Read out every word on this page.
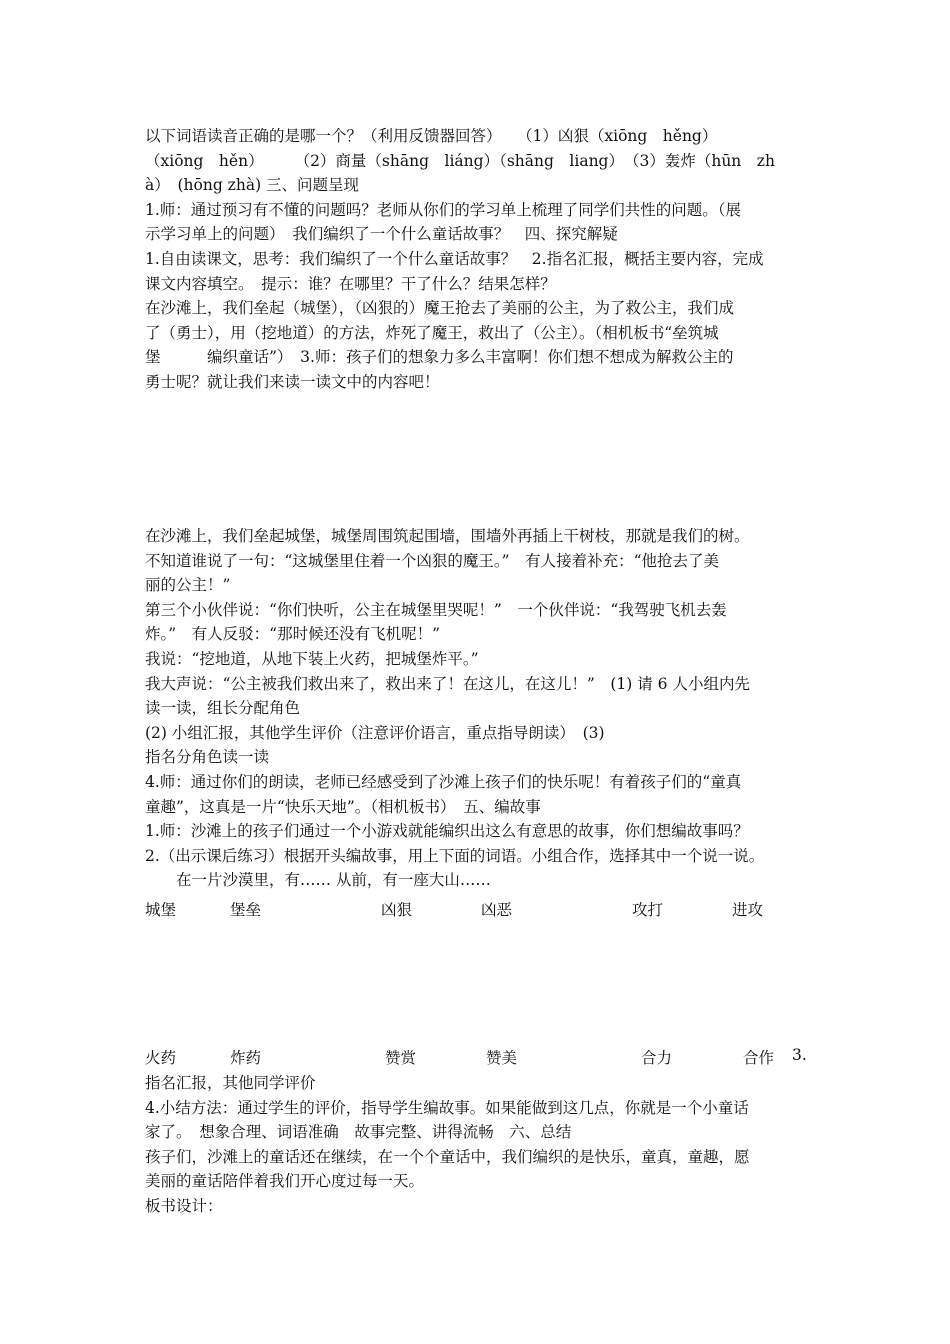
以下词语读音正确的是哪一个？（利用反馈器回答）　　（1）凶狠（xiōng　hěng）
（xiōng　hěn）　　　（2）商量（shāng　liáng）（shāng　liang）　（3）轰炸（hūn　zh
à）　(hōng zhà) 三、问题呈现
1.师：通过预习有不懂的问题吗？老师从你们的学习单上梳理了同学们共性的问题。（展
示学习单上的问题）　我们编织了一个什么童话故事？　四、探究解疑
1.自由读课文，思考：我们编织了一个什么童话故事？　2.指名汇报，概括主要内容，完成
课文内容填空。　提示：谁？在哪里？干了什么？结果怎样？
在沙滩上，我们垒起（城堡），（凶狠的）魔王抢去了美丽的公主，为了救公主，我们成
了（勇士），用（挖地道）的方法，炸死了魔王，救出了（公主）。（相机板书“垒筑城
堡　　　编织童话”）　3.师：孩子们的想象力多么丰富啊！你们想不想成为解救公主的
勇士呢？就让我们来读一读文中的内容吧！
在沙滩上，我们垒起城堡，城堡周围筑起围墙，围墙外再插上干树枝，那就是我们的树。
不知道谁说了一句：“这城堡里住着一个凶狠的魔王。”　有人接着补充：“他抢去了美
丽的公主！”
第三个小伙伴说：“你们快听，公主在城堡里哭呢！”　一个伙伴说：“我驾驶飞机去轰
炸。”　有人反驳：“那时候还没有飞机呢！”
我说：“挖地道，从地下装上火药，把城堡炸平。”
我大声说：“公主被我们救出来了，救出来了！在这儿，在这儿！”　(1) 请 6 人小组内先
读一读，组长分配角色
(2) 小组汇报，其他学生评价（注意评价语言，重点指导朗读）　(3)
指名分角色读一读
4.师：通过你们的朗读，老师已经感受到了沙滩上孩子们的快乐呢！有着孩子们的“童真
童趣”，这真是一片“快乐天地”。（相机板书）　五、编故事
1.师：沙滩上的孩子们通过一个小游戏就能编织出这么有意思的故事，你们想编故事吗？
2.（出示课后练习）根据开头编故事，用上下面的词语。小组合作，选择其中一个说一说。
　　在一片沙漠里，有…… 从前，有一座大山……
城堡	堡垒	凶狠	凶恶	攻打	进攻
火药	炸药	赞赏	赞美	合力	合作 3.
指名汇报，其他同学评价
4.小结方法：通过学生的评价，指导学生编故事。如果能做到这几点，你就是一个小童话
家了。　想象合理、词语准确　故事完整、讲得流畅　六、总结
孩子们，沙滩上的童话还在继续，在一个个童话中，我们编织的是快乐，童真，童趣，愿
美丽的童话陪伴着我们开心度过每一天。
板书设计：
